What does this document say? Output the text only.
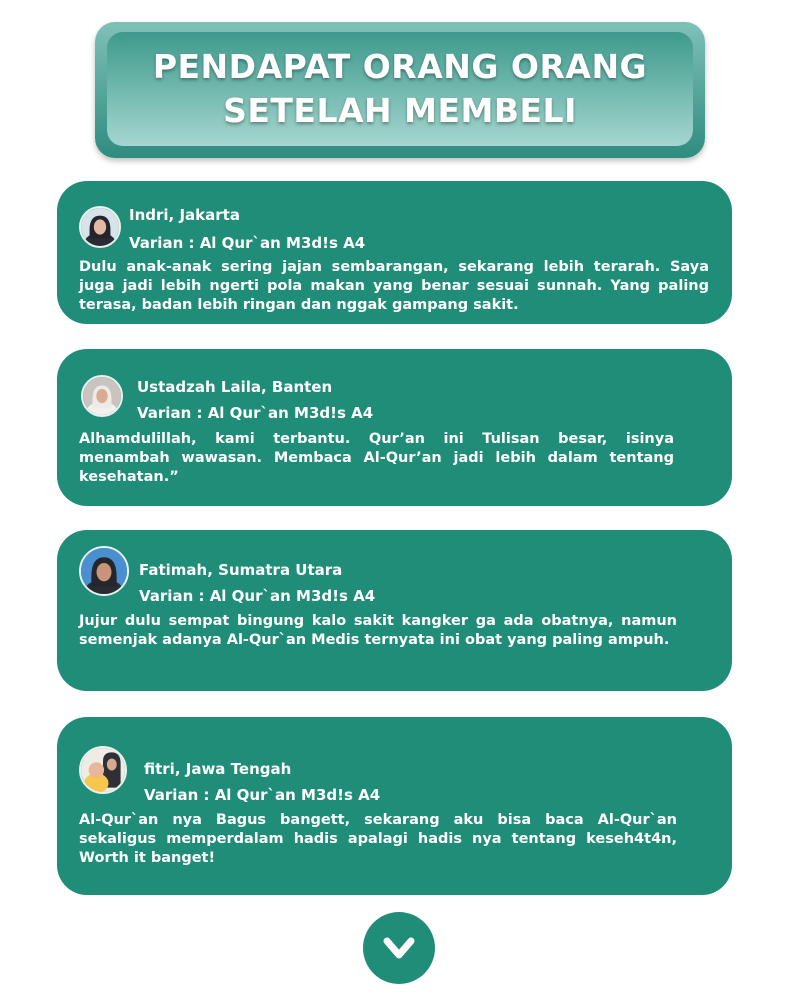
PENDAPAT ORANG ORANG
SETELAH MEMBELI
Indri, Jakarta
Varian : Al Qur`an M3d!s A4
Dulu anak-anak sering jajan sembarangan, sekarang lebih terarah. Saya juga jadi lebih ngerti pola makan yang benar sesuai sunnah. Yang paling terasa, badan lebih ringan dan nggak gampang sakit.
Ustadzah Laila, Banten
Varian : Al Qur`an M3d!s A4
Alhamdulillah, kami terbantu. Qur’an ini Tulisan besar, isinya menambah wawasan. Membaca Al-Qur’an jadi lebih dalam tentang kesehatan.”
Fatimah, Sumatra Utara
Varian : Al Qur`an M3d!s A4
Jujur dulu sempat bingung kalo sakit kangker ga ada obatnya, namun semenjak adanya Al-Qur`an Medis ternyata ini obat yang paling ampuh.
fitri, Jawa Tengah
Varian : Al Qur`an M3d!s A4
Al-Qur`an nya Bagus bangett, sekarang aku bisa baca Al-Qur`an sekaligus memperdalam hadis apalagi hadis nya tentang keseh4t4n, Worth it banget!
